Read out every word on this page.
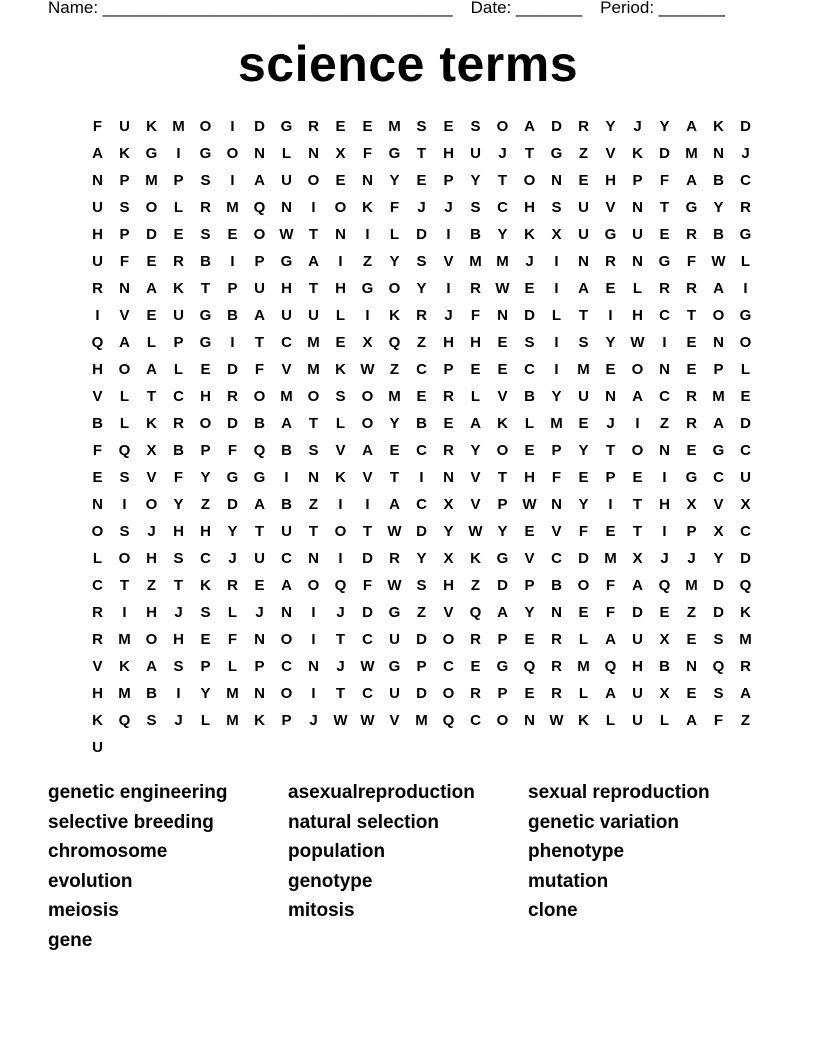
Name: _____________________________________ Date: _______ Period: _______
science terms
F	U	K	M O	I	D	G	R	E	E	M	S	E	S	O	A	D	R	Y	J	Y	A	K	D
A	K	G	I	G	O	N	L	N	X	F	G	T	H	U	J	T	G	Z	V	K	D	M	N	J
N	P	M	P	S	I	A	U	O	E	N	Y	E	P	Y	T	O	N	E	H	P	F	A	B	C
U	S	O	L	R	M Q	N	I	O	K	F	J	J	S	C	H	S	U	V	N	T	G	Y	R
H	P	D	E	S	E	O W	T	N	I	L	D	I	B	Y	K	X	U	G	U	E	R	B	G
U	F	E	R	B	I	P	G	A	I	Z	Y	S	V	M M	J	I	N	R	N	G	F	W	L
R	N	A	K	T	P	U	H	T	H	G	O	Y	I	R W E	I	A	E	L	R	R	A	I
I	V	E	U	G	B	A	U	U	L	I	K	R	J	F	N	D	L	T	I	H	C	T	O	G
Q	A	L	P	G	I	T	C	M	E	X	Q	Z	H	H	E	S	I	S	Y W	I	E	N	O
H	O	A	L	E	D	F	V	M	K W	Z	C	P	E	E	C	I	M	E	O	N	E	P	L
V	L	T	C	H	R	O M O	S	O M	E	R	L	V	B	Y	U	N	A	C	R	M	E
B	L	K	R	O	D	B	A	T	L	O	Y	B	E	A	K	L	M	E	J	I	Z	R	A	D
F	Q	X	B	P	F	Q	B	S	V	A	E	C	R	Y	O	E	P	Y	T	O	N	E	G	C
E	S	V	F	Y	G	G	I	N	K	V	T	I	N	V	T	H	F	E	P	E	I	G	C	U
N	I	O	Y	Z	D	A	B	Z	I	I	A	C	X	V	P W N	Y	I	T	H	X	V	X
O	S	J	H	H	Y	T	U	T	O	T	W D	Y W Y	E	V	F	E	T	I	P	X	C
L	O	H	S	C	J	U	C	N	I	D	R	Y	X	K	G	V	C	D	M	X	J	J	Y	D
C	T	Z	T	K	R	E	A	O	Q	F	W S	H	Z	D	P	B	O	F	A	Q M	D	Q
R	I	H	J	S	L	J	N	I	J	D	G	Z	V	Q	A	Y	N	E	F	D	E	Z	D	K
R	M O	H	E	F	N	O	I	T	C	U	D	O	R	P	E	R	L	A	U	X	E	S	M
V	K	A	S	P	L	P	C	N	J	W G	P	C	E	G	Q	R	M Q	H	B	N	Q	R
H	M	B	I	Y	M	N	O	I	T	C	U	D	O	R	P	E	R	L	A	U	X	E	S	A
K	Q	S	J	L	M	K	P	J	W W V	M Q	C	O	N W K	L	U	L	A	F	Z
U
genetic engineering	asexualreproduction	sexual reproduction
selective breeding	natural selection	genetic variation
chromosome	population	phenotype
evolution	genotype	mutation
meiosis	mitosis	clone
gene
